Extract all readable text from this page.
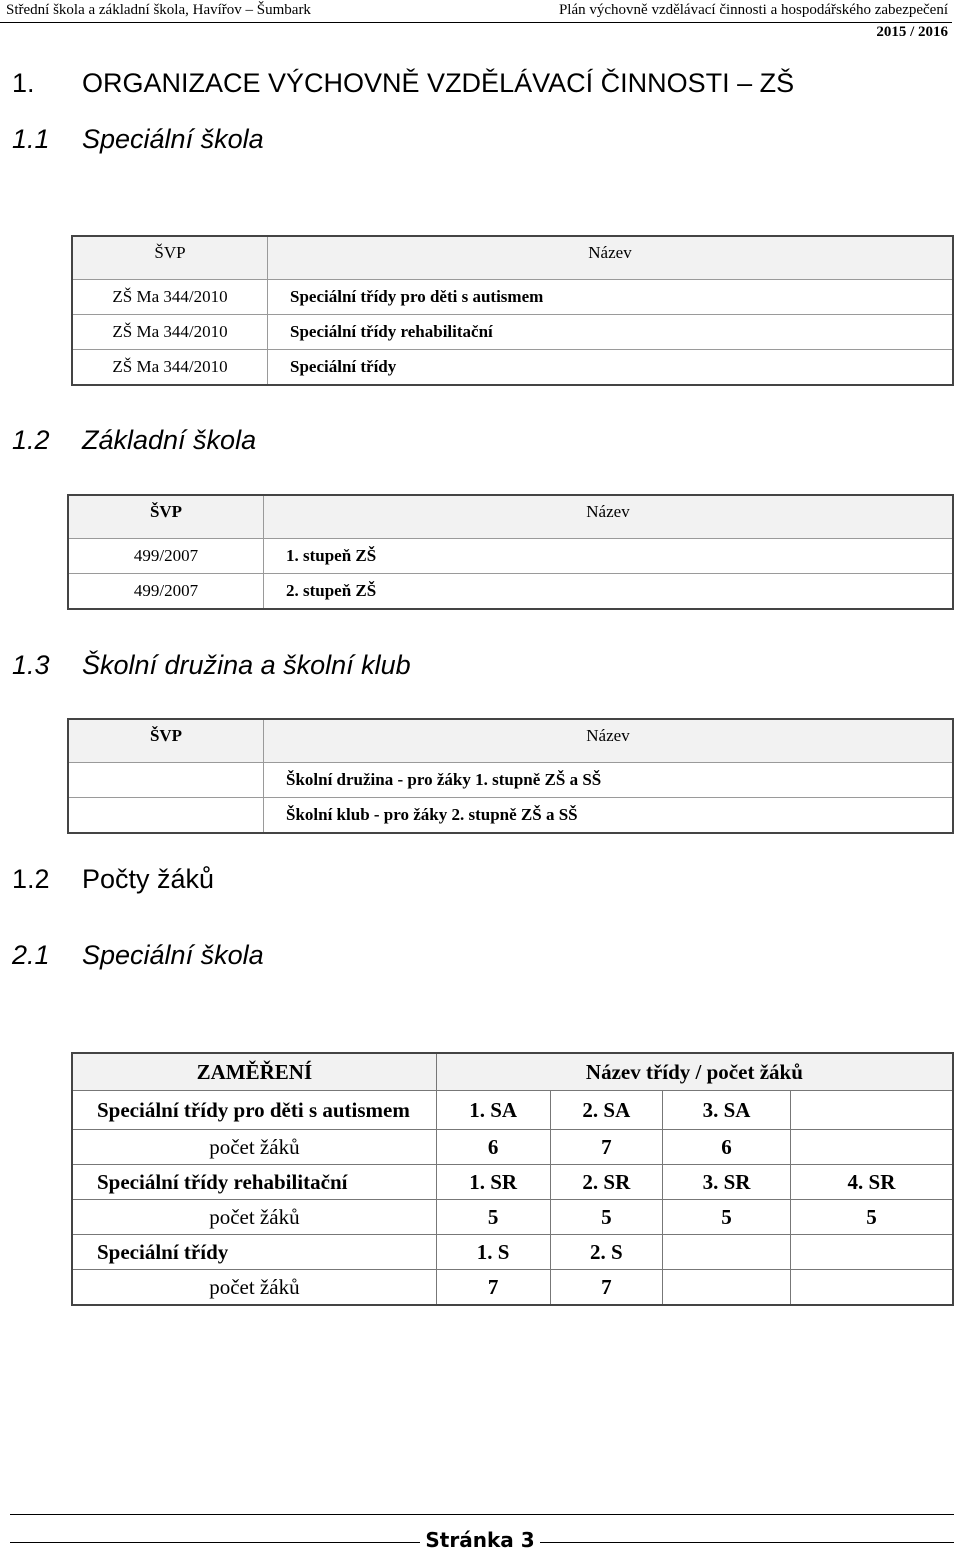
Střední škola a základní škola, Havířov – Šumbark	Plán výchovně vzdělávací činnosti a hospodářského zabezpečení
2015 / 2016
1. ORGANIZACE VÝCHOVNĚ VZDĚLÁVACÍ ČINNOSTI – ZŠ
1.1 Speciální škola
ŠVP	Název
ZŠ Ma 344/2010	Speciální třídy pro děti s autismem
ZŠ Ma 344/2010	Speciální třídy rehabilitační
ZŠ Ma 344/2010	Speciální třídy
1.2 Základní škola
ŠVP	Název
499/2007	1. stupeň ZŠ
499/2007	2. stupeň ZŠ
1.3 Školní družina a školní klub
ŠVP	Název
	Školní družina - pro žáky 1. stupně ZŠ a SŠ
	Školní klub - pro žáky 2. stupně ZŠ a SŠ
1.2 Počty žáků
2.1 Speciální škola
ZAMĚŘENÍ	Název třídy / počet žáků			
Speciální třídy pro děti s autismem	1. SA	2. SA	3. SA	
počet žáků	6	7	6	
Speciální třídy rehabilitační	1. SR	2. SR	3. SR	4. SR
počet žáků	5	5	5	5
Speciální třídy	1. S	2. S		
počet žáků	7	7		
Stránka 3
